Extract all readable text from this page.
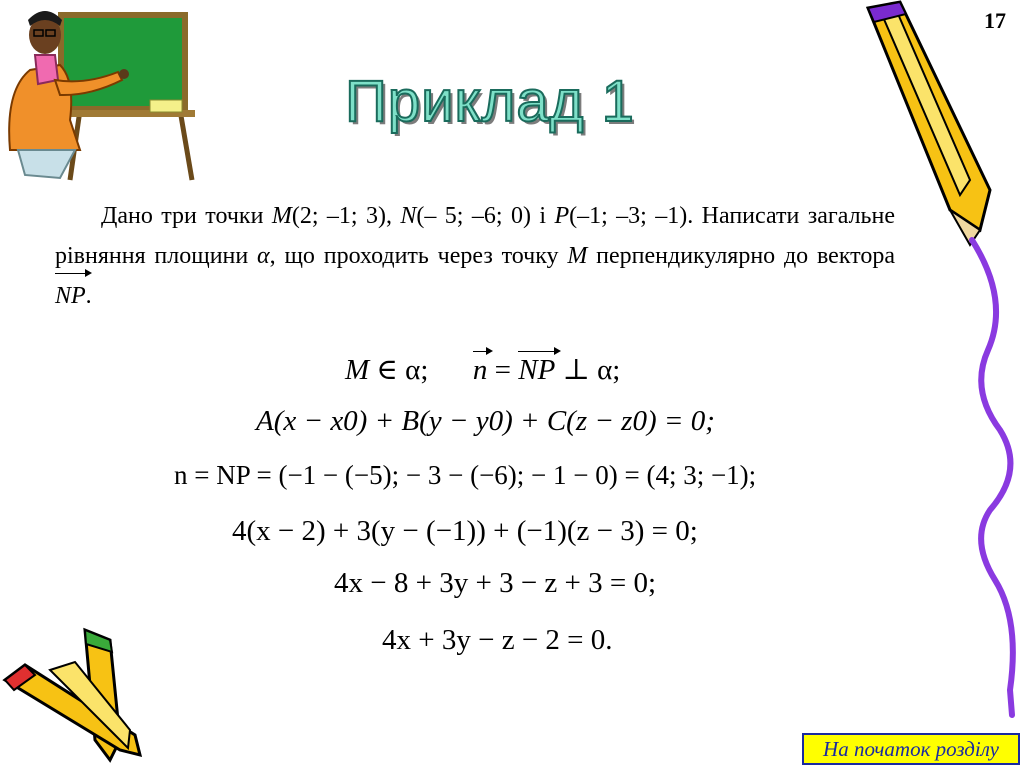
17
Приклад 1
Дано три точки M(2; –1; 3), N(– 5; –6; 0) і P(–1; –3; –1). Написати загальне рівняння площини α, що проходить через точку M перпендикулярно до вектора NP.
M ∈ α; n = NP ⊥ α;
A(x − x0) + B(y − y0) + C(z − z0) = 0;
n = NP = (−1 − (−5); − 3 − (−6); − 1 − 0) = (4; 3; −1);
4(x − 2) + 3(y − (−1)) + (−1)(z − 3) = 0;
4x − 8 + 3y + 3 − z + 3 = 0;
4x + 3y − z − 2 = 0.
На початок розділу
